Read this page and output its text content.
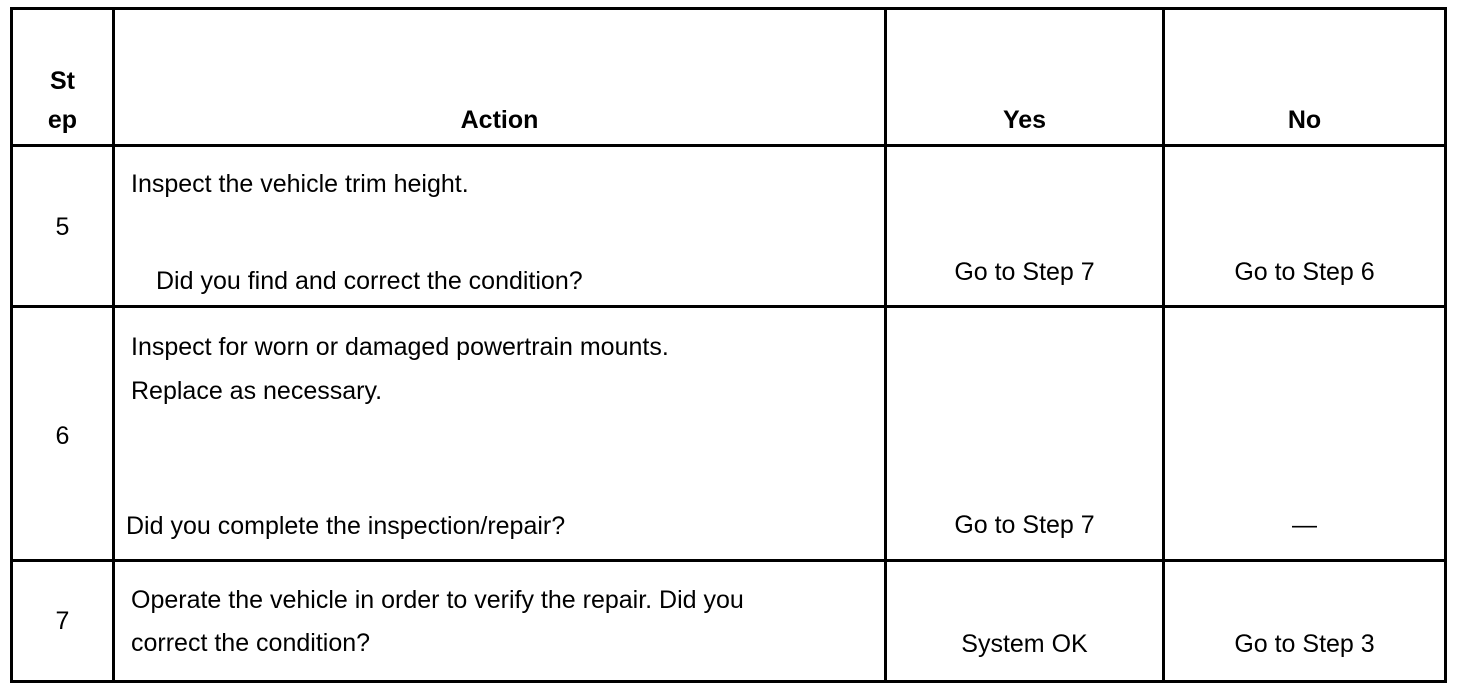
St
ep	Action	Yes	No
5
Inspect the vehicle trim height.
Did you find and correct the condition?	Go to Step 7	Go to Step 6
6
Inspect for worn or damaged powertrain mounts.
Replace as necessary.
Did you complete the inspection/repair?	Go to Step 7	—
7
Operate the vehicle in order to verify the repair. Did you
correct the condition?	System OK	Go to Step 3
